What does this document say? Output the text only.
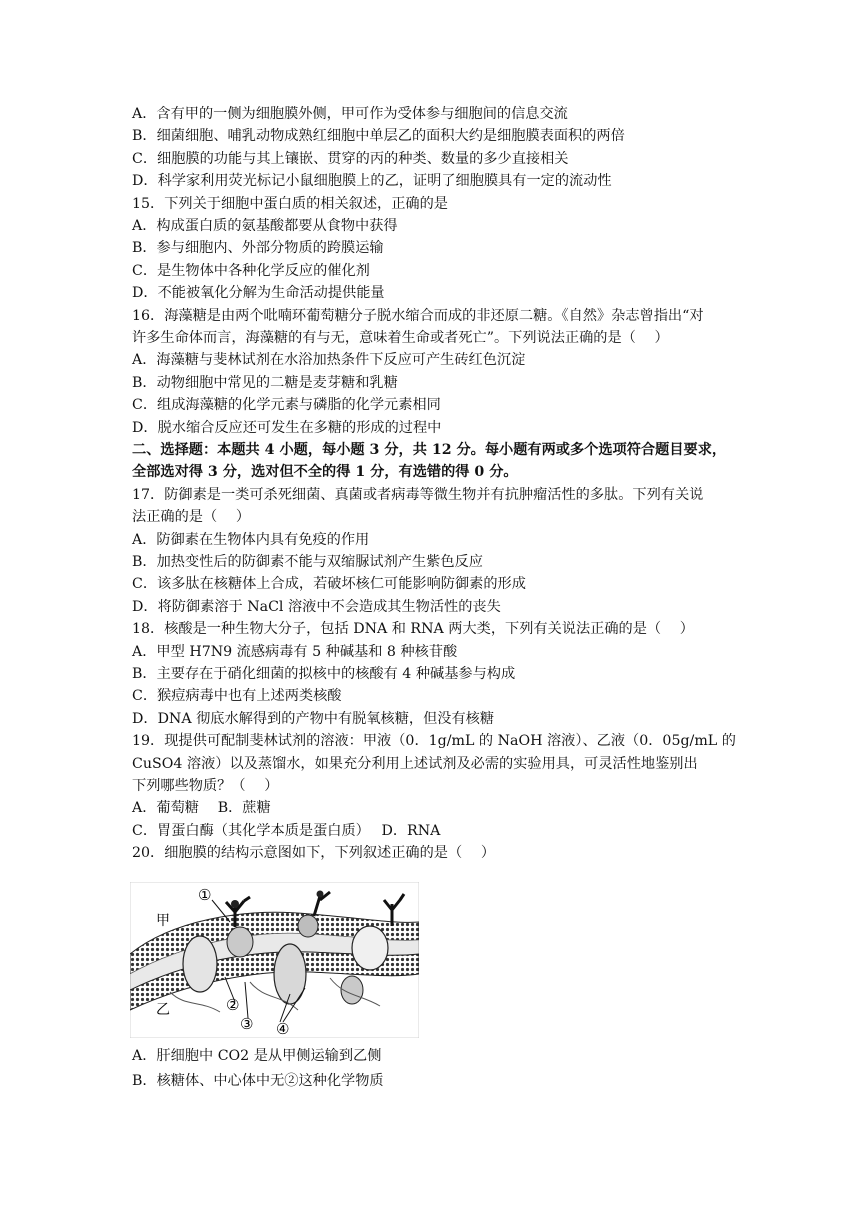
A．含有甲的一侧为细胞膜外侧，甲可作为受体参与细胞间的信息交流
B．细菌细胞、哺乳动物成熟红细胞中单层乙的面积大约是细胞膜表面积的两倍
C．细胞膜的功能与其上镶嵌、贯穿的丙的种类、数量的多少直接相关
D．科学家利用荧光标记小鼠细胞膜上的乙，证明了细胞膜具有一定的流动性
15．下列关于细胞中蛋白质的相关叙述，正确的是
A．构成蛋白质的氨基酸都要从食物中获得
B．参与细胞内、外部分物质的跨膜运输
C．是生物体中各种化学反应的催化剂
D．不能被氧化分解为生命活动提供能量
16．海藻糖是由两个吡喃环葡萄糖分子脱水缩合而成的非还原二糖。《自然》杂志曾指出“对
许多生命体而言，海藻糖的有与无，意味着生命或者死亡”。下列说法正确的是（　 ）
A．海藻糖与斐林试剂在水浴加热条件下反应可产生砖红色沉淀
B．动物细胞中常见的二糖是麦芽糖和乳糖
C．组成海藻糖的化学元素与磷脂的化学元素相同
D．脱水缩合反应还可发生在多糖的形成的过程中
二、选择题：本题共 4 小题，每小题 3 分，共 12 分。每小题有两或多个选项符合题目要求，
全部选对得 3 分，选对但不全的得 1 分，有选错的得 0 分。
17．防御素是一类可杀死细菌、真菌或者病毒等微生物并有抗肿瘤活性的多肽。下列有关说
法正确的是（　 ）
A．防御素在生物体内具有免疫的作用
B．加热变性后的防御素不能与双缩脲试剂产生紫色反应
C．该多肽在核糖体上合成，若破坏核仁可能影响防御素的形成
D．将防御素溶于 NaCl 溶液中不会造成其生物活性的丧失
18．核酸是一种生物大分子，包括 DNA 和 RNA 两大类，下列有关说法正确的是（　 ）
A．甲型 H7N9 流感病毒有 5 种碱基和 8 种核苷酸
B．主要存在于硝化细菌的拟核中的核酸有 4 种碱基参与构成
C．猴痘病毒中也有上述两类核酸
D．DNA 彻底水解得到的产物中有脱氧核糖，但没有核糖
19．现提供可配制斐林试剂的溶液：甲液（0．1g/mL 的 NaOH 溶液）、乙液（0．05g/mL 的
CuSO4 溶液）以及蒸馏水，如果充分利用上述试剂及必需的实验用具，可灵活性地鉴别出
下列哪些物质？（　 ）
A．葡萄糖　 B．蔗糖
C．胃蛋白酶（其化学本质是蛋白质）　 D．RNA
20．细胞膜的结构示意图如下，下列叙述正确的是（　 ）
甲
乙
①
②
③ ④
A．肝细胞中 CO2 是从甲侧运输到乙侧
B．核糖体、中心体中无②这种化学物质
